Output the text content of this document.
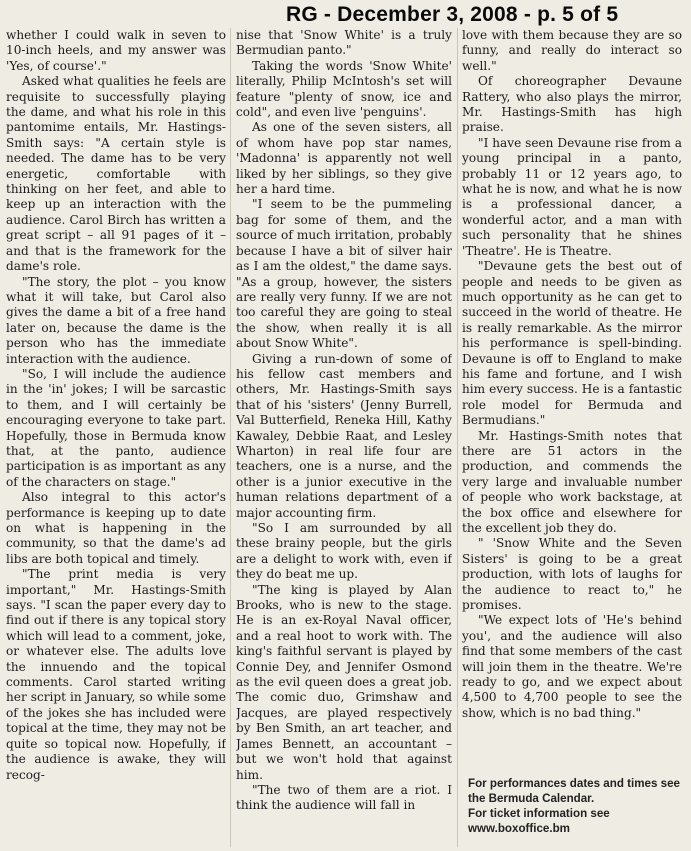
RG - December 3, 2008 - p. 5 of 5

whether I could walk in seven to 10-inch heels, and my answer was 'Yes, of course'."

Asked what qualities he feels are requisite to successfully playing the dame, and what his role in this pantomime entails, Mr. Hastings-Smith says: "A certain style is needed. The dame has to be very energetic, comfortable with thinking on her feet, and able to keep up an interaction with the audience. Carol Birch has written a great script – all 91 pages of it – and that is the framework for the dame's role.

"The story, the plot – you know what it will take, but Carol also gives the dame a bit of a free hand later on, because the dame is the person who has the immediate interaction with the audience.

"So, I will include the audience in the 'in' jokes; I will be sarcastic to them, and I will certainly be encouraging everyone to take part. Hopefully, those in Bermuda know that, at the panto, audience participation is as important as any of the characters on stage."

Also integral to this actor's performance is keeping up to date on what is happening in the community, so that the dame's ad libs are both topical and timely.

"The print media is very important," Mr. Hastings-Smith says. "I scan the paper every day to find out if there is any topical story which will lead to a comment, joke, or whatever else. The adults love the innuendo and the topical comments. Carol started writing her script in January, so while some of the jokes she has included were topical at the time, they may not be quite so topical now. Hopefully, if the audience is awake, they will recog-

nise that 'Snow White' is a truly Bermudian panto."

Taking the words 'Snow White' literally, Philip McIntosh's set will feature "plenty of snow, ice and cold", and even live 'penguins'.

As one of the seven sisters, all of whom have pop star names, 'Madonna' is apparently not well liked by her siblings, so they give her a hard time.

"I seem to be the pummeling bag for some of them, and the source of much irritation, probably because I have a bit of silver hair as I am the oldest," the dame says. "As a group, however, the sisters are really very funny. If we are not too careful they are going to steal the show, when really it is all about Snow White".

Giving a run-down of some of his fellow cast members and others, Mr. Hastings-Smith says that of his 'sisters' (Jenny Burrell, Val Butterfield, Reneka Hill, Kathy Kawaley, Debbie Raat, and Lesley Wharton) in real life four are teachers, one is a nurse, and the other is a junior executive in the human relations department of a major accounting firm.

"So I am surrounded by all these brainy people, but the girls are a delight to work with, even if they do beat me up.

"The king is played by Alan Brooks, who is new to the stage. He is an ex-Royal Naval officer, and a real hoot to work with. The king's faithful servant is played by Connie Dey, and Jennifer Osmond as the evil queen does a great job. The comic duo, Grimshaw and Jacques, are played respectively by Ben Smith, an art teacher, and James Bennett, an accountant – but we won't hold that against him.

"The two of them are a riot. I think the audience will fall in

love with them because they are so funny, and really do interact so well."

Of choreographer Devaune Rattery, who also plays the mirror, Mr. Hastings-Smith has high praise.

"I have seen Devaune rise from a young principal in a panto, probably 11 or 12 years ago, to what he is now, and what he is now is a professional dancer, a wonderful actor, and a man with such personality that he shines 'Theatre'. He is Theatre.

"Devaune gets the best out of people and needs to be given as much opportunity as he can get to succeed in the world of theatre. He is really remarkable. As the mirror his performance is spell-binding. Devaune is off to England to make his fame and fortune, and I wish him every success. He is a fantastic role model for Bermuda and Bermudians."

Mr. Hastings-Smith notes that there are 51 actors in the production, and commends the very large and invaluable number of people who work backstage, at the box office and elsewhere for the excellent job they do.

" 'Snow White and the Seven Sisters' is going to be a great production, with lots of laughs for the audience to react to," he promises.

"We expect lots of 'He's behind you', and the audience will also find that some members of the cast will join them in the theatre. We're ready to go, and we expect about 4,500 to 4,700 people to see the show, which is no bad thing."

For performances dates and times see the Bermuda Calendar.

For ticket information see www.boxoffice.bm
